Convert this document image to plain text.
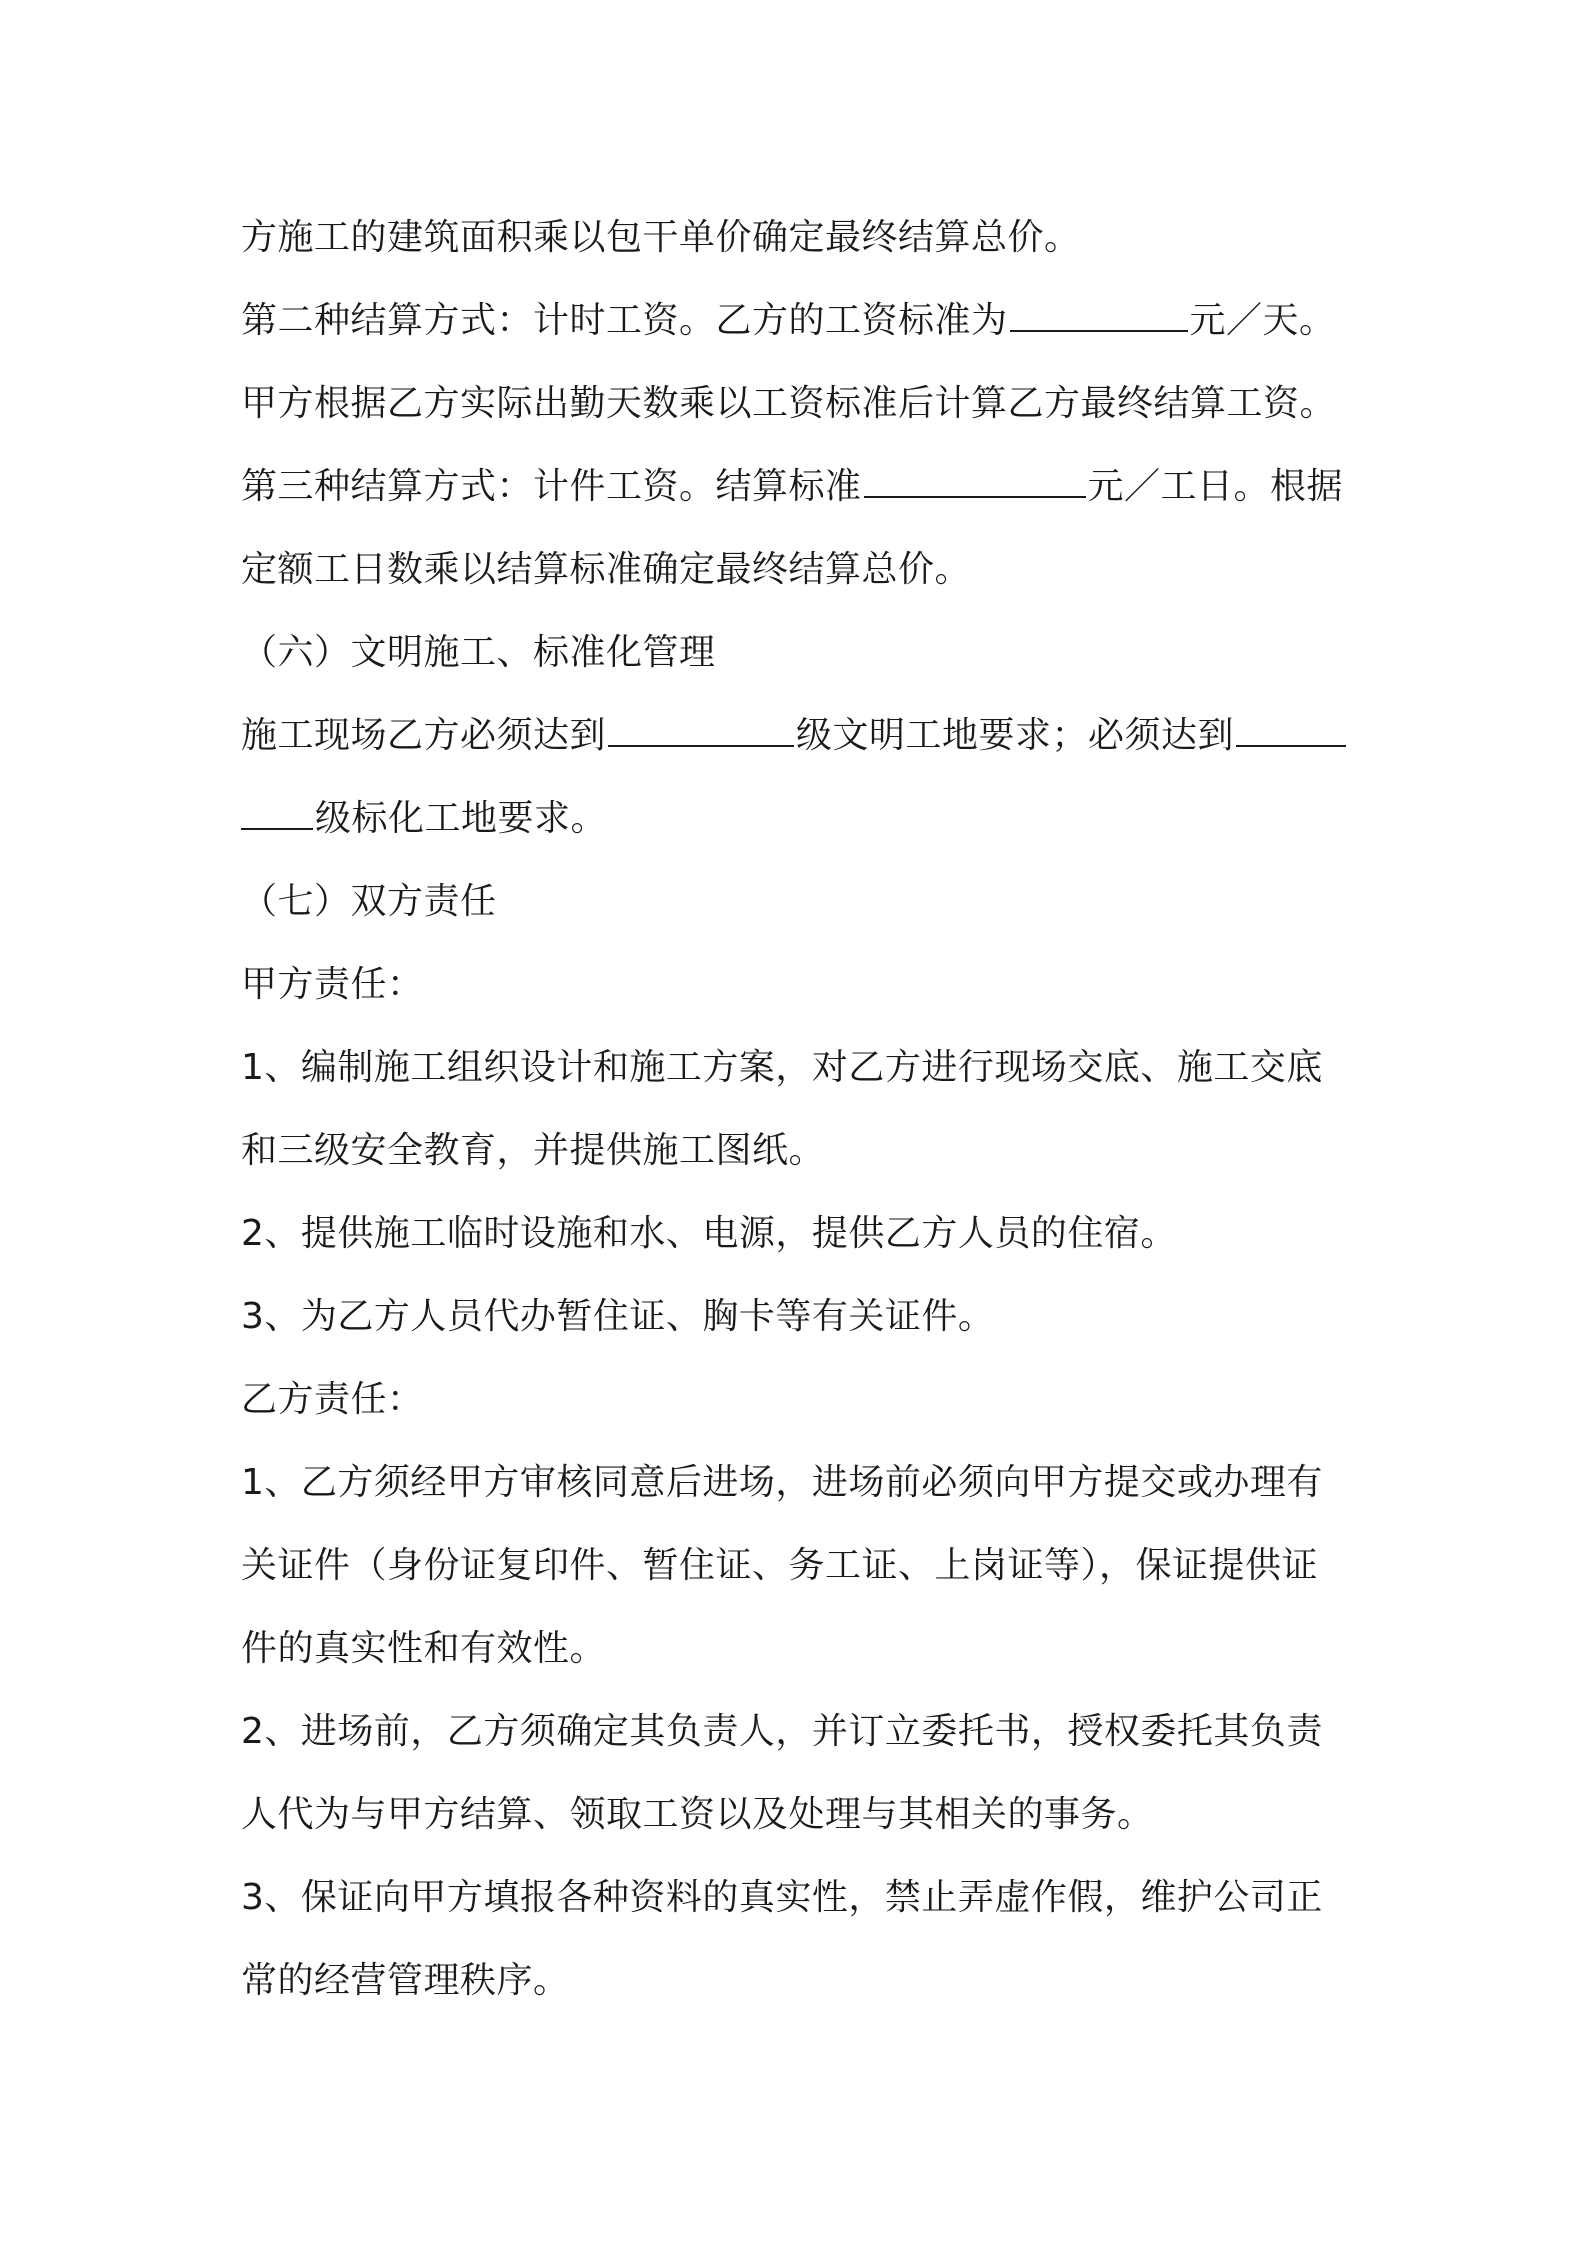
方施工的建筑面积乘以包干单价确定最终结算总价。
第二种结算方式：计时工资。乙方的工资标准为	元／天。
甲方根据乙方实际出勤天数乘以工资标准后计算乙方最终结算工资。
第三种结算方式：计件工资。结算标准	元／工日。根据
定额工日数乘以结算标准确定最终结算总价。
（六）文明施工、标准化管理
施工现场乙方必须达到	级文明工地要求；必须达到
级标化工地要求。
（七）双方责任
甲方责任：
1、编制施工组织设计和施工方案，对乙方进行现场交底、施工交底
和三级安全教育，并提供施工图纸。
2、提供施工临时设施和水、电源，提供乙方人员的住宿。
3、为乙方人员代办暂住证、胸卡等有关证件。
乙方责任：
1、乙方须经甲方审核同意后进场，进场前必须向甲方提交或办理有
关证件（身份证复印件、暂住证、务工证、上岗证等），保证提供证
件的真实性和有效性。
2、进场前，乙方须确定其负责人，并订立委托书，授权委托其负责
人代为与甲方结算、领取工资以及处理与其相关的事务。
3、保证向甲方填报各种资料的真实性，禁止弄虚作假，维护公司正
常的经营管理秩序。
